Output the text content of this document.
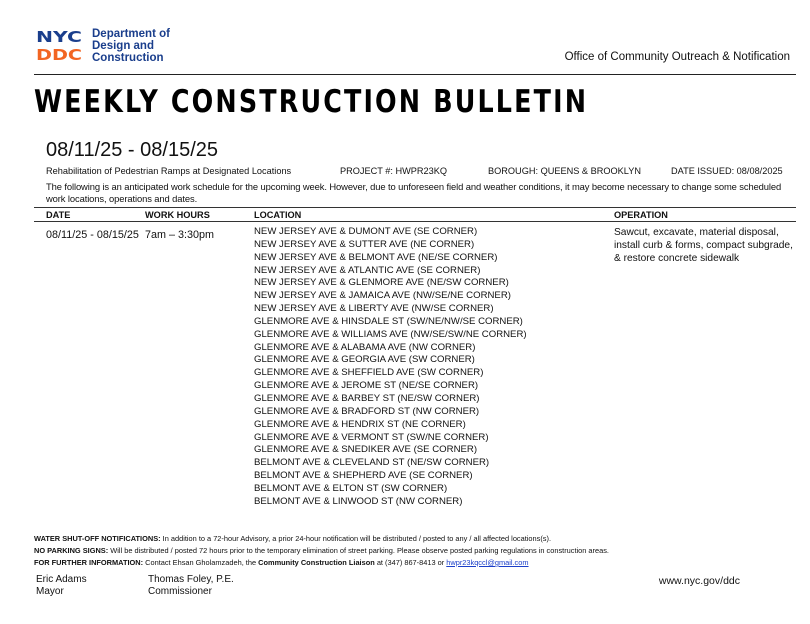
NYC
DDC
Department of
Design and
Construction	Office of Community Outreach & Notification
WEEKLY CONSTRUCTION BULLETIN
08/11/25 - 08/15/25
Rehabilitation of Pedestrian Ramps at Designated Locations	PROJECT #: HWPR23KQ	BOROUGH: QUEENS & BROOKLYN	DATE ISSUED: 08/08/2025
The following is an anticipated work schedule for the upcoming week. However, due to unforeseen field and weather conditions, it may become necessary to change some scheduled work locations, operations and dates.
DATE	WORK HOURS	LOCATION	OPERATION
08/11/25 - 08/15/25 7am – 3:30pm	NEW JERSEY AVE & DUMONT AVE (SE CORNER)
NEW JERSEY AVE & SUTTER AVE (NE CORNER)
NEW JERSEY AVE & BELMONT AVE (NE/SE CORNER)
NEW JERSEY AVE & ATLANTIC AVE (SE CORNER)
NEW JERSEY AVE & GLENMORE AVE (NE/SW CORNER)
NEW JERSEY AVE & JAMAICA AVE (NW/SE/NE CORNER)
NEW JERSEY AVE & LIBERTY AVE (NW/SE CORNER)
GLENMORE AVE & HINSDALE ST (SW/NE/NW/SE CORNER)
GLENMORE AVE & WILLIAMS AVE (NW/SE/SW/NE CORNER)
GLENMORE AVE & ALABAMA AVE (NW CORNER)
GLENMORE AVE & GEORGIA AVE (SW CORNER)
GLENMORE AVE & SHEFFIELD AVE (SW CORNER)
GLENMORE AVE & JEROME ST (NE/SE CORNER)
GLENMORE AVE & BARBEY ST (NE/SW CORNER)
GLENMORE AVE & BRADFORD ST (NW CORNER)
GLENMORE AVE & HENDRIX ST (NE CORNER)
GLENMORE AVE & VERMONT ST (SW/NE CORNER)
GLENMORE AVE & SNEDIKER AVE (SE CORNER)
BELMONT AVE & CLEVELAND ST (NE/SW CORNER)
BELMONT AVE & SHEPHERD AVE (SE CORNER)
BELMONT AVE & ELTON ST (SW CORNER)
BELMONT AVE & LINWOOD ST (NW CORNER)
Sawcut, excavate, material disposal, install curb & forms, compact subgrade, & restore concrete sidewalk
WATER SHUT-OFF NOTIFICATIONS: In addition to a 72-hour Advisory, a prior 24-hour notification will be distributed / posted to any / all affected locations(s).
NO PARKING SIGNS: Will be distributed / posted 72 hours prior to the temporary elimination of street parking. Please observe posted parking regulations in construction areas.
FOR FURTHER INFORMATION: Contact Ehsan Gholamzadeh, the Community Construction Liaison at (347) 867-8413 or hwpr23kqccl@gmail.com
Eric Adams
Mayor
Thomas Foley, P.E.
Commissioner
www.nyc.gov/ddc
